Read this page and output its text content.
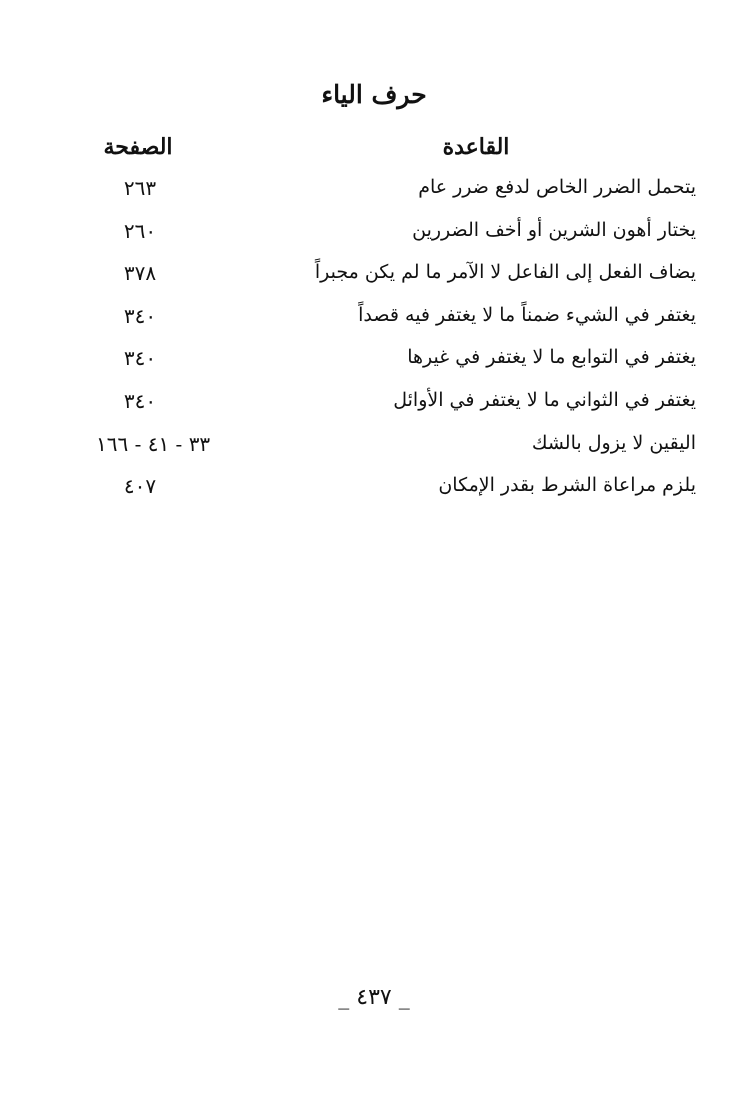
حرف الياء
القاعدة
الصفحة
يتحمل الضرر الخاص لدفع ضرر عام
٢٦٣
يختار أهون الشرين أو أخف الضررين
٢٦٠
يضاف الفعل إلى الفاعل لا الآمر ما لم يكن مجبراً
٣٧٨
يغتفر في الشيء ضمناً ما لا يغتفر فيه قصداً
٣٤٠
يغتفر في التوابع ما لا يغتفر في غيرها
٣٤٠
يغتفر في الثواني ما لا يغتفر في الأوائل
٣٤٠
اليقين لا يزول بالشك
٣٣ - ٤١ - ١٦٦
يلزم مراعاة الشرط بقدر الإمكان
٤٠٧
_ ٤٣٧ _
